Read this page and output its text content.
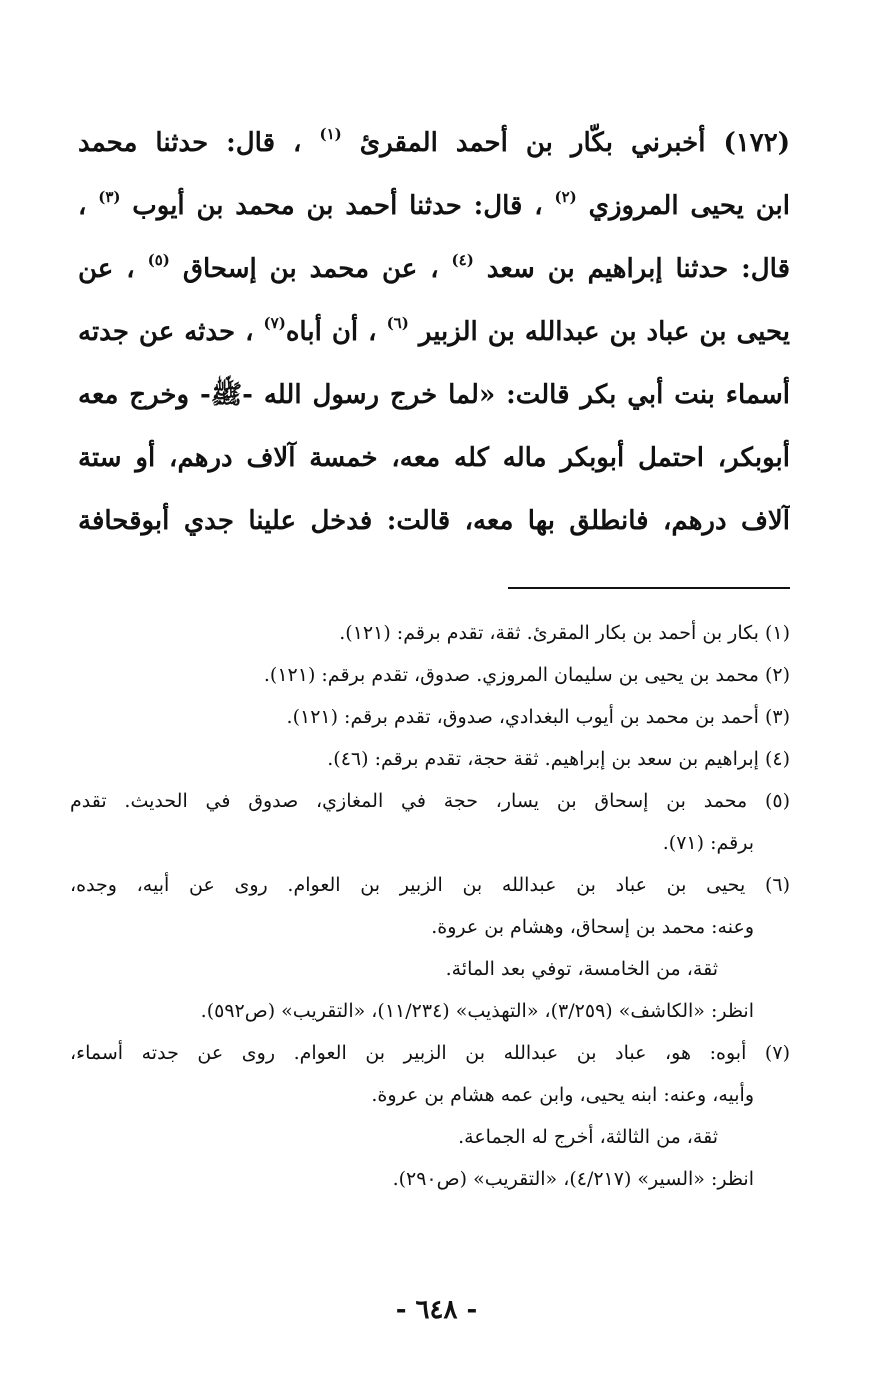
(١٧٢) أخبرني بكّار بن أحمد المقرئ $^{(١)}$ ، قال: حدثنا محمد
ابن يحيى المروزي $^{(٢)}$ ، قال: حدثنا أحمد بن محمد بن أيوب $^{(٣)}$ ،
قال: حدثنا إبراهيم بن سعد $^{(٤)}$ ، عن محمد بن إسحاق $^{(٥)}$ ، عن
يحيى بن عباد بن عبدالله بن الزبير $^{(٦)}$ ، أن أباه$^{(٧)}$ ، حدثه عن جدته
أسماء بنت أبي بكر قالت: «لما خرج رسول الله -ﷺ- وخرج معه
أبوبكر، احتمل أبوبكر ماله كله معه، خمسة آلاف درهم، أو ستة
آلاف درهم، فانطلق بها معه، قالت: فدخل علينا جدي أبوقحافة
(١) بكار بن أحمد بن بكار المقرئ. ثقة، تقدم برقم: (١٢١).
(٢) محمد بن يحيى بن سليمان المروزي. صدوق، تقدم برقم: (١٢١).
(٣) أحمد بن محمد بن أيوب البغدادي، صدوق، تقدم برقم: (١٢١).
(٤) إبراهيم بن سعد بن إبراهيم. ثقة حجة، تقدم برقم: (٤٦).
(٥) محمد بن إسحاق بن يسار، حجة في المغازي، صدوق في الحديث. تقدم
برقم: (٧١).
(٦) يحيى بن عباد بن عبدالله بن الزبير بن العوام. روى عن أبيه، وجده،
وعنه: محمد بن إسحاق، وهشام بن عروة.
ثقة، من الخامسة، توفي بعد المائة.
انظر: «الكاشف» (٣/٢٥٩)، «التهذيب» (١١/٢٣٤)، «التقريب» (ص٥٩٢).
(٧) أبوه: هو، عباد بن عبدالله بن الزبير بن العوام. روى عن جدته أسماء،
وأبيه، وعنه: ابنه يحيى، وابن عمه هشام بن عروة.
ثقة، من الثالثة، أخرج له الجماعة.
انظر: «السير» (٤/٢١٧)، «التقريب» (ص٢٩٠).
- ٦٤٨ -
